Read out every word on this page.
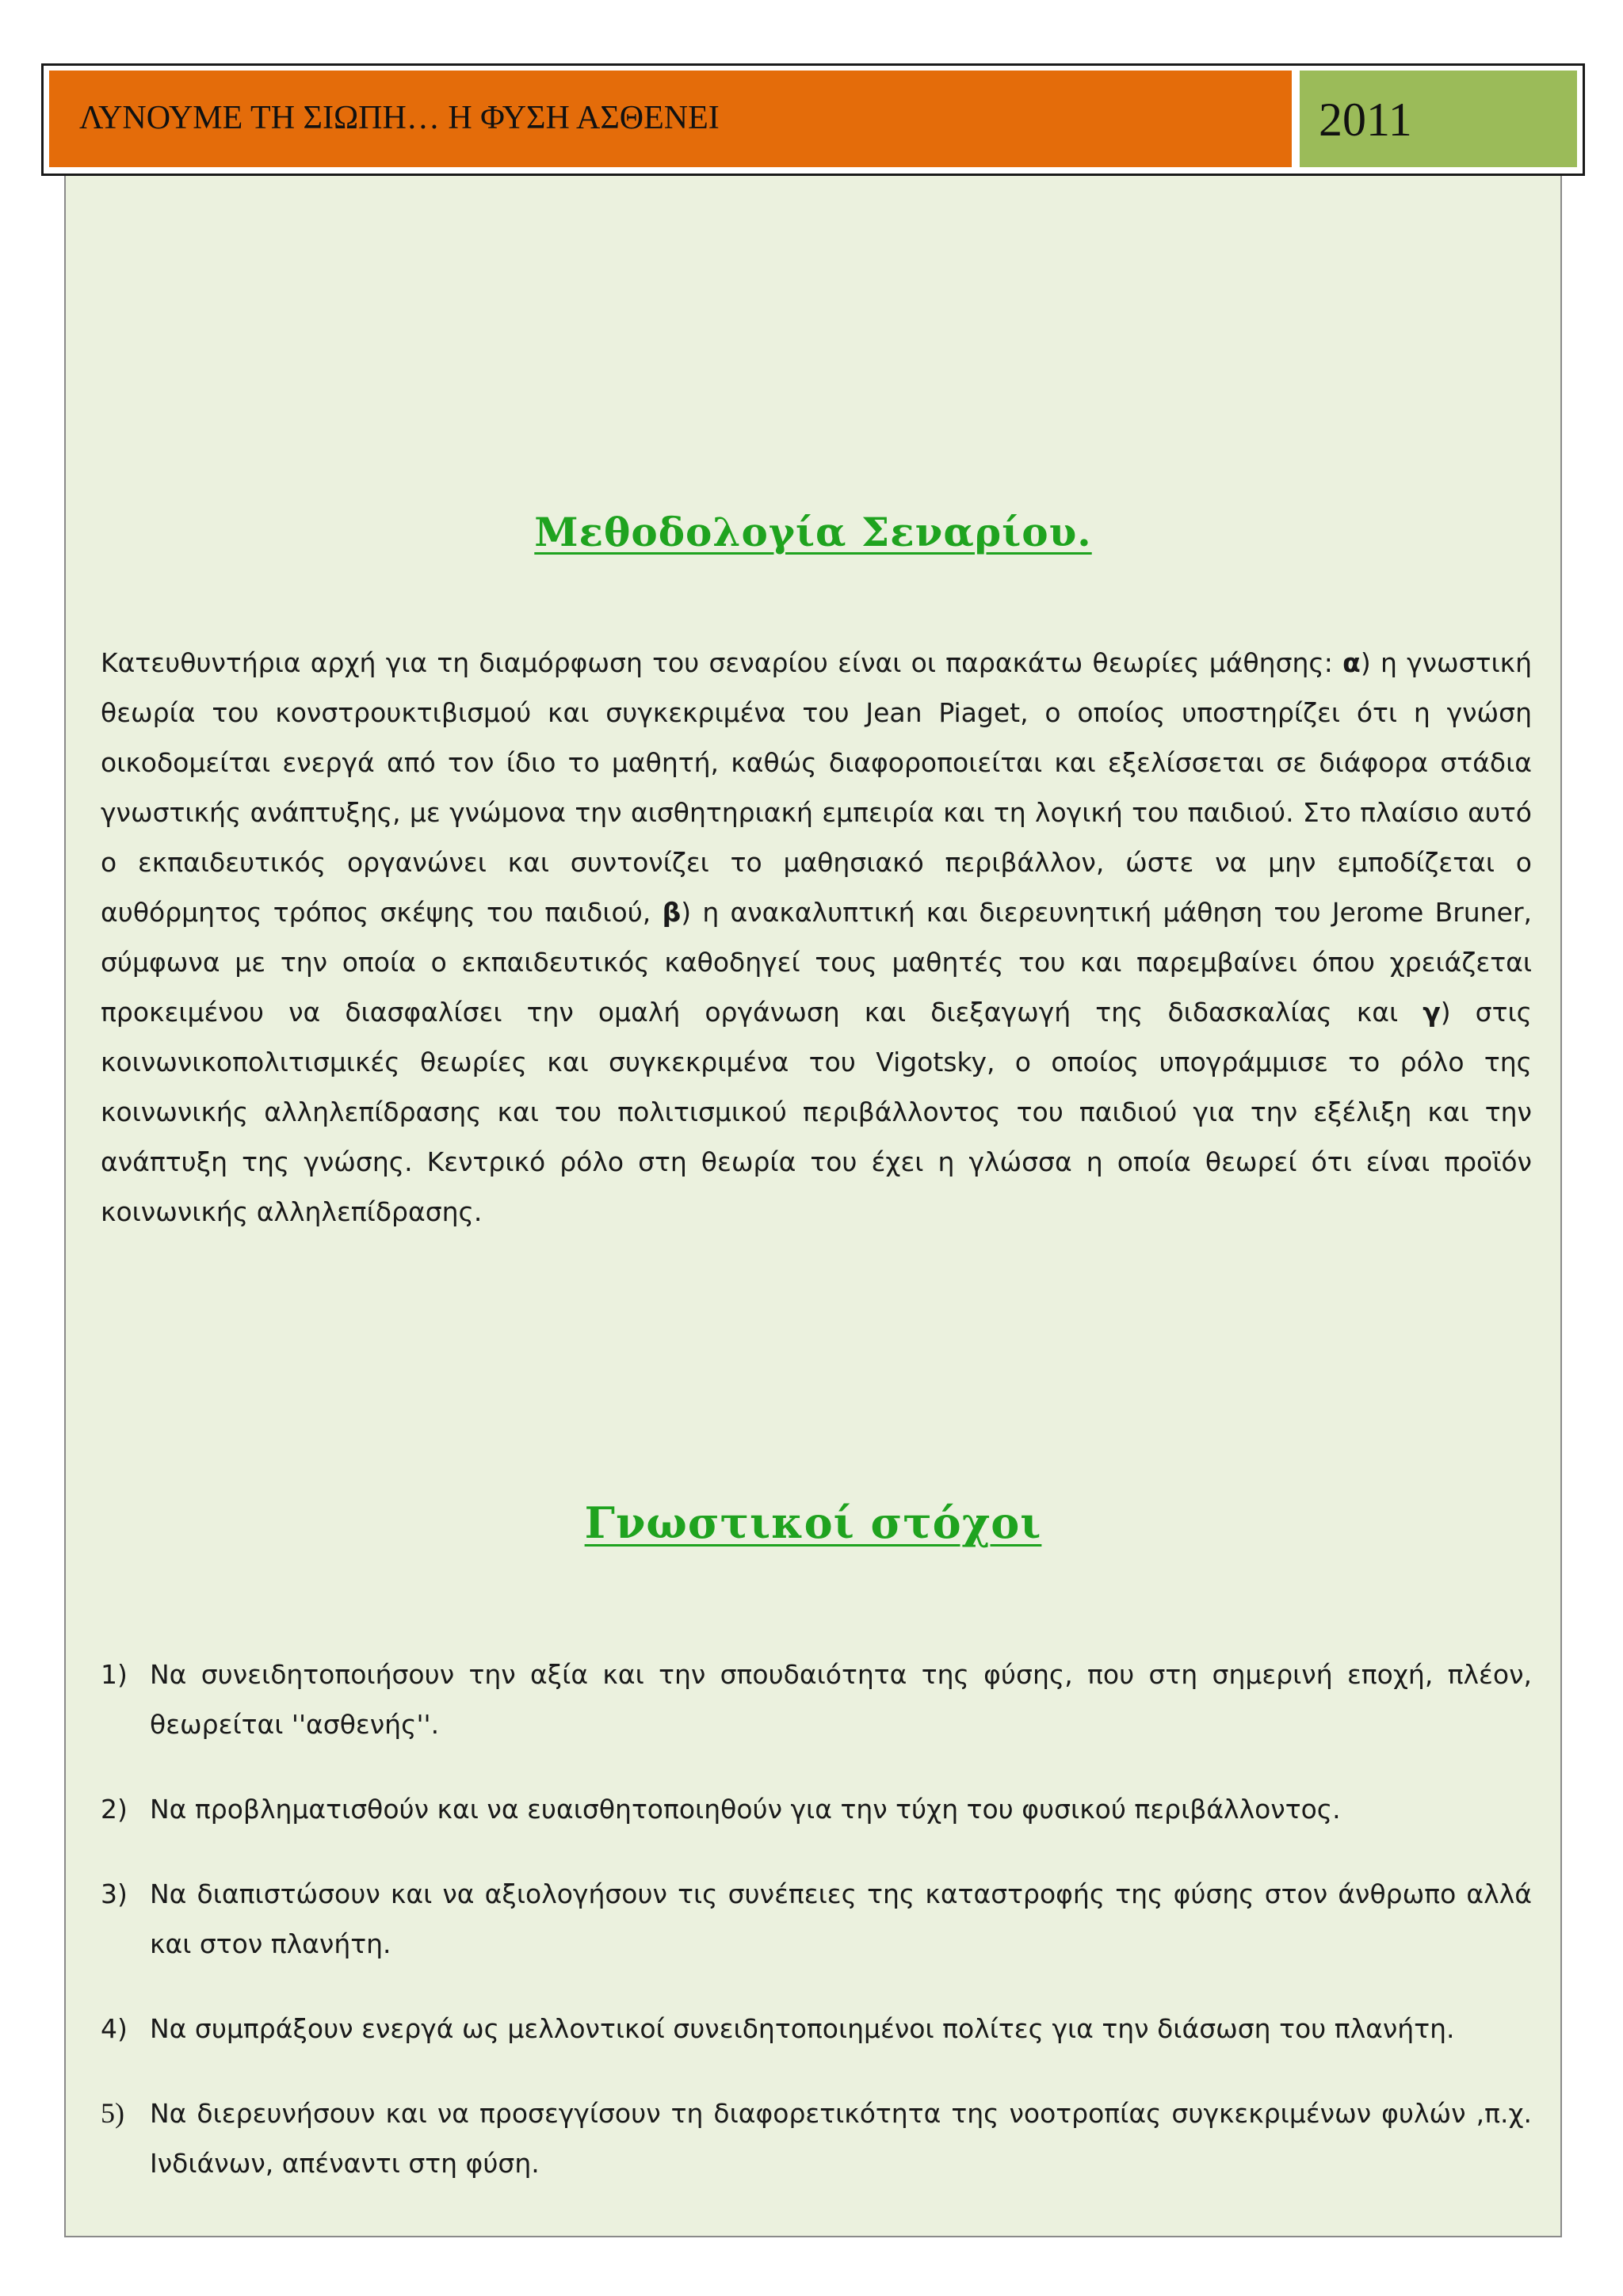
ΛΥΝΟΥΜΕ ΤΗ ΣΙΩΠΗ… Η ΦΥΣΗ ΑΣΘΕΝΕΙ	2011
Μεθοδολογία Σεναρίου.

Κατευθυντήρια αρχή για τη διαμόρφωση του σεναρίου είναι οι παρακάτω θεωρίες μάθησης: α) η γνωστική θεωρία του κονστρουκτιβισμού και συγκεκριμένα του Jean Piaget, ο οποίος υποστηρίζει ότι η γνώση οικοδομείται ενεργά από τον ίδιο το μαθητή, καθώς διαφοροποιείται και εξελίσσεται σε διάφορα στάδια γνωστικής ανάπτυξης, με γνώμονα την αισθητηριακή εμπειρία και τη λογική του παιδιού. Στο πλαίσιο αυτό ο εκπαιδευτικός οργανώνει και συντονίζει το μαθησιακό περιβάλλον, ώστε να μην εμποδίζεται ο αυθόρμητος τρόπος σκέψης του παιδιού, β) η ανακαλυπτική και διερευνητική μάθηση του Jerome Bruner, σύμφωνα με την οποία ο εκπαιδευτικός καθοδηγεί τους μαθητές του και παρεμβαίνει όπου χρειάζεται προκειμένου να διασφαλίσει την ομαλή οργάνωση και διεξαγωγή της διδασκαλίας και γ) στις κοινωνικοπολιτισμικές θεωρίες και συγκεκριμένα του Vigotsky, ο οποίος υπογράμμισε το ρόλο της κοινωνικής αλληλεπίδρασης και του πολιτισμικού περιβάλλοντος του παιδιού για την εξέλιξη και την ανάπτυξη της γνώσης. Κεντρικό ρόλο στη θεωρία του έχει η γλώσσα η οποία θεωρεί ότι είναι προϊόν κοινωνικής αλληλεπίδρασης.

Γνωστικοί στόχοι
1) Να συνειδητοποιήσουν την αξία και την σπουδαιότητα της φύσης, που στη σημερινή εποχή, πλέον, θεωρείται ''ασθενής''.
2) Να προβληματισθούν και να ευαισθητοποιηθούν για την τύχη του φυσικού περιβάλλοντος.
3) Να διαπιστώσουν και να αξιολογήσουν τις συνέπειες της καταστροφής της φύσης στον άνθρωπο αλλά και στον πλανήτη.
4) Να συμπράξουν ενεργά ως μελλοντικοί συνειδητοποιημένοι πολίτες για την διάσωση του πλανήτη.
5) Να διερευνήσουν και να προσεγγίσουν τη διαφορετικότητα της νοοτροπίας συγκεκριμένων φυλών ,π.χ. Ινδιάνων, απέναντι στη φύση.
